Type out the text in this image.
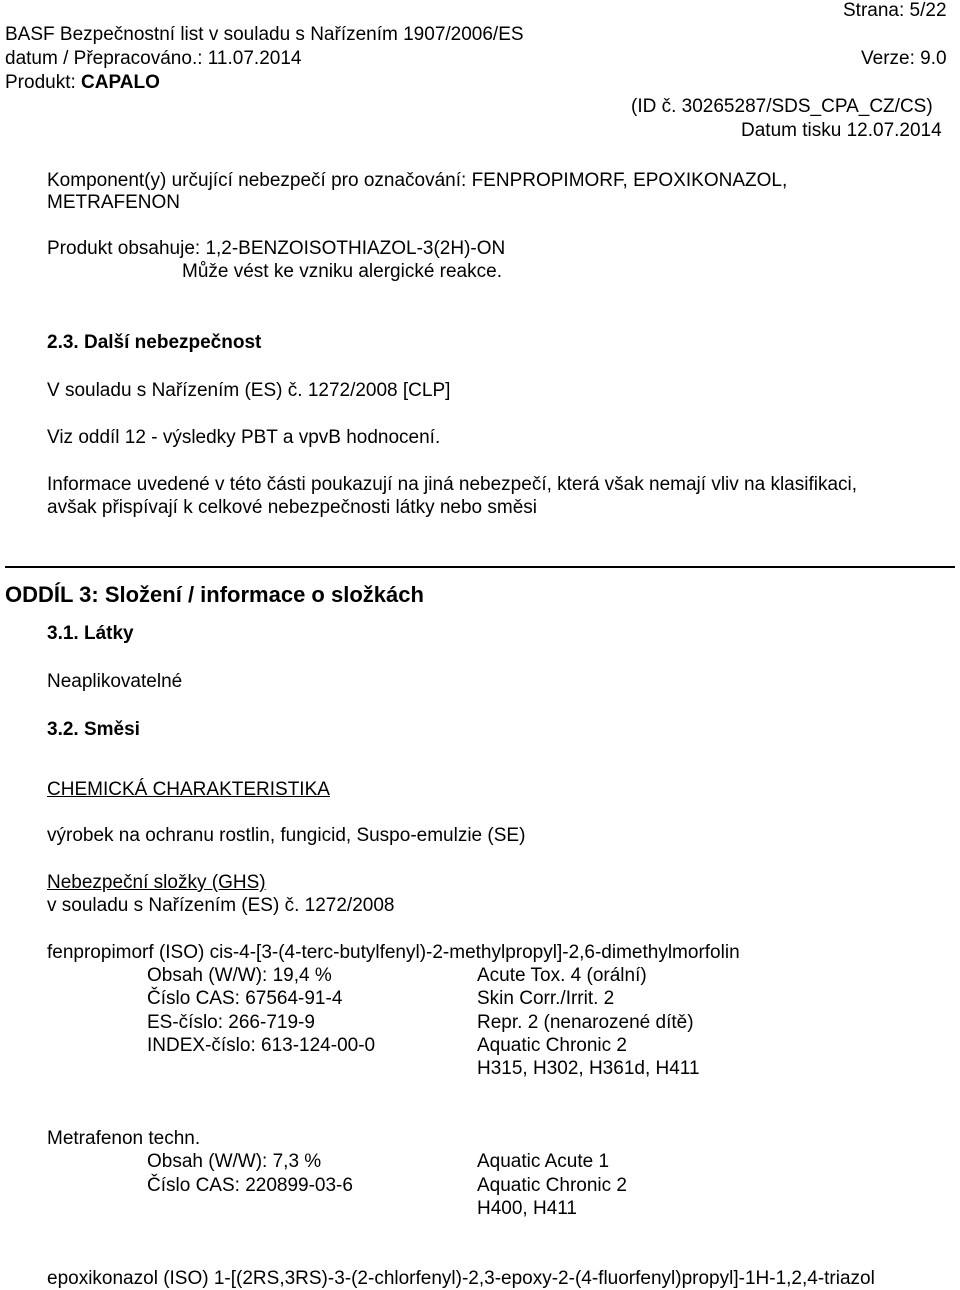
Strana: 5/22
BASF Bezpečnostní list v souladu s Nařízením 1907/2006/ES
datum / Přepracováno.: 11.07.2014	Verze: 9.0
Produkt: CAPALO
(ID č. 30265287/SDS_CPA_CZ/CS)
Datum tisku 12.07.2014
Komponent(y) určující nebezpečí pro označování: FENPROPIMORF, EPOXIKONAZOL,
METRAFENON
Produkt obsahuje: 1,2-BENZOISOTHIAZOL-3(2H)-ON
Může vést ke vzniku alergické reakce.
2.3. Další nebezpečnost
V souladu s Nařízením (ES) č. 1272/2008 [CLP]
Viz oddíl 12 - výsledky PBT a vpvB hodnocení.
Informace uvedené v této části poukazují na jiná nebezpečí, která však nemají vliv na klasifikaci,
avšak přispívají k celkové nebezpečnosti látky nebo směsi
ODDÍL 3: Složení / informace o složkách
3.1. Látky
Neaplikovatelné
3.2. Směsi
CHEMICKÁ CHARAKTERISTIKA
výrobek na ochranu rostlin, fungicid, Suspo-emulzie (SE)
Nebezpeční složky (GHS)
v souladu s Nařízením (ES) č. 1272/2008
fenpropimorf (ISO) cis-4-[3-(4-terc-butylfenyl)-2-methylpropyl]-2,6-dimethylmorfolin
Obsah (W/W): 19,4 %
Číslo CAS: 67564-91-4
ES-číslo: 266-719-9
INDEX-číslo: 613-124-00-0
Acute Tox. 4 (orální)
Skin Corr./Irrit. 2
Repr. 2 (nenarozené dítě)
Aquatic Chronic 2
H315, H302, H361d, H411
Metrafenon techn.
Obsah (W/W): 7,3 %
Číslo CAS: 220899-03-6
Aquatic Acute 1
Aquatic Chronic 2
H400, H411
epoxikonazol (ISO) 1-[(2RS,3RS)-3-(2-chlorfenyl)-2,3-epoxy-2-(4-fluorfenyl)propyl]-1H-1,2,4-triazol
